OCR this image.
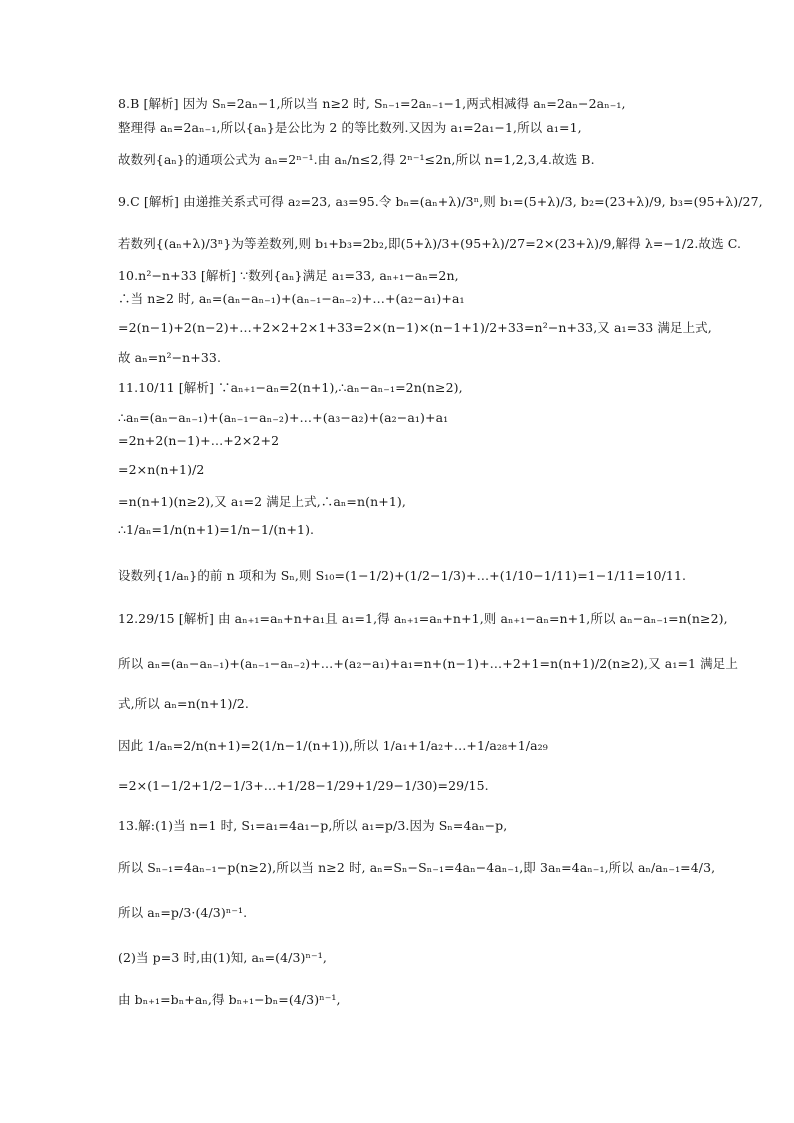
8.B [解析] 因为 Sₙ=2aₙ−1,所以当 n≥2 时, Sₙ₋₁=2aₙ₋₁−1,两式相减得 aₙ=2aₙ−2aₙ₋₁,
整理得 aₙ=2aₙ₋₁,所以{aₙ}是公比为 2 的等比数列.又因为 a₁=2a₁−1,所以 a₁=1,
故数列{aₙ}的通项公式为 aₙ=2ⁿ⁻¹.由 aₙ/n≤2,得 2ⁿ⁻¹≤2n,所以 n=1,2,3,4.故选 B.
9.C [解析] 由递推关系式可得 a₂=23, a₃=95.令 bₙ=(aₙ+λ)/3ⁿ,则 b₁=(5+λ)/3, b₂=(23+λ)/9, b₃=(95+λ)/27,
若数列{(aₙ+λ)/3ⁿ}为等差数列,则 b₁+b₃=2b₂,即(5+λ)/3+(95+λ)/27=2×(23+λ)/9,解得 λ=−1/2.故选 C.
10.n²−n+33 [解析] ∵数列{aₙ}满足 a₁=33, aₙ₊₁−aₙ=2n,
∴当 n≥2 时, aₙ=(aₙ−aₙ₋₁)+(aₙ₋₁−aₙ₋₂)+…+(a₂−a₁)+a₁
=2(n−1)+2(n−2)+…+2×2+2×1+33=2×(n−1)×(n−1+1)/2+33=n²−n+33,又 a₁=33 满足上式,
故 aₙ=n²−n+33.
11.10/11 [解析] ∵aₙ₊₁−aₙ=2(n+1),∴aₙ−aₙ₋₁=2n(n≥2),
∴aₙ=(aₙ−aₙ₋₁)+(aₙ₋₁−aₙ₋₂)+…+(a₃−a₂)+(a₂−a₁)+a₁
=2n+2(n−1)+…+2×2+2
=2×n(n+1)/2
=n(n+1)(n≥2),又 a₁=2 满足上式,∴aₙ=n(n+1),
∴1/aₙ=1/n(n+1)=1/n−1/(n+1).
设数列{1/aₙ}的前 n 项和为 Sₙ,则 S₁₀=(1−1/2)+(1/2−1/3)+…+(1/10−1/11)=1−1/11=10/11.
12.29/15 [解析] 由 aₙ₊₁=aₙ+n+a₁且 a₁=1,得 aₙ₊₁=aₙ+n+1,则 aₙ₊₁−aₙ=n+1,所以 aₙ−aₙ₋₁=n(n≥2),
所以 aₙ=(aₙ−aₙ₋₁)+(aₙ₋₁−aₙ₋₂)+…+(a₂−a₁)+a₁=n+(n−1)+…+2+1=n(n+1)/2(n≥2),又 a₁=1 满足上
式,所以 aₙ=n(n+1)/2.
因此 1/aₙ=2/n(n+1)=2(1/n−1/(n+1)),所以 1/a₁+1/a₂+…+1/a₂₈+1/a₂₉
=2×(1−1/2+1/2−1/3+…+1/28−1/29+1/29−1/30)=29/15.
13.解:(1)当 n=1 时, S₁=a₁=4a₁−p,所以 a₁=p/3.因为 Sₙ=4aₙ−p,
所以 Sₙ₋₁=4aₙ₋₁−p(n≥2),所以当 n≥2 时, aₙ=Sₙ−Sₙ₋₁=4aₙ−4aₙ₋₁,即 3aₙ=4aₙ₋₁,所以 aₙ/aₙ₋₁=4/3,
所以 aₙ=p/3·(4/3)ⁿ⁻¹.
(2)当 p=3 时,由(1)知, aₙ=(4/3)ⁿ⁻¹,
由 bₙ₊₁=bₙ+aₙ,得 bₙ₊₁−bₙ=(4/3)ⁿ⁻¹,
